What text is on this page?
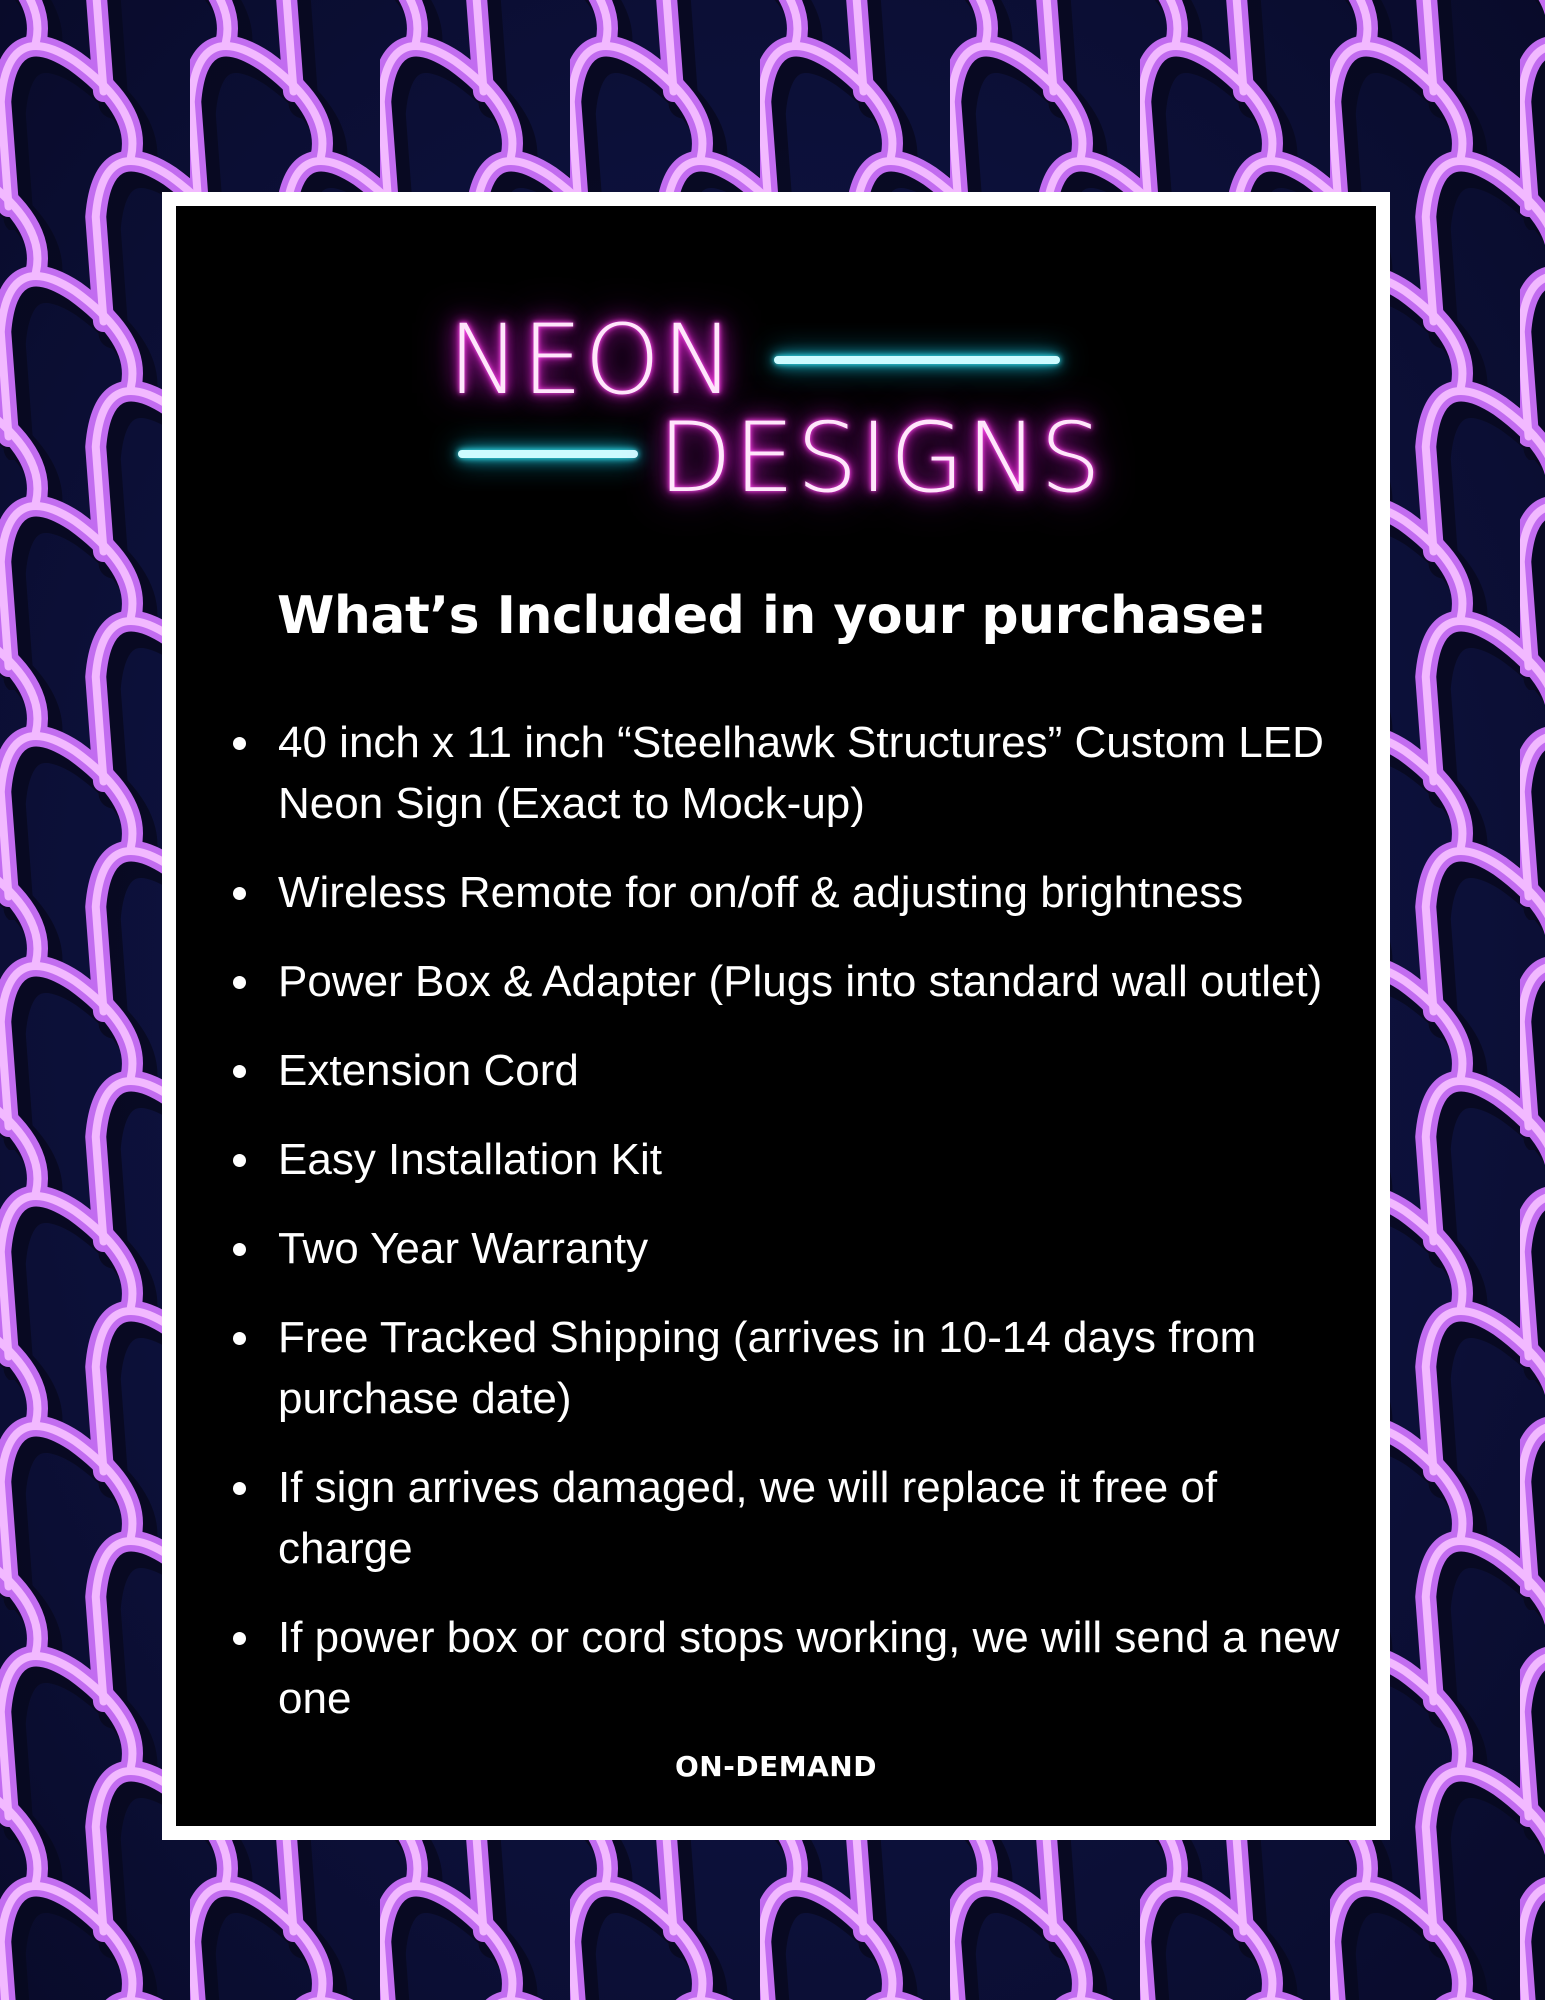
NEON
DESIGNS
What’s Included in your purchase:
40 inch x 11 inch “Steelhawk Structures” Custom LED Neon Sign (Exact to Mock-up)
Wireless Remote for on/off & adjusting brightness
Power Box & Adapter (Plugs into standard wall outlet)
Extension Cord
Easy Installation Kit
Two Year Warranty
Free Tracked Shipping (arrives in 10-14 days from purchase date)
If sign arrives damaged, we will replace it free of charge
If power box or cord stops working, we will send a new one
ON-DEMAND
